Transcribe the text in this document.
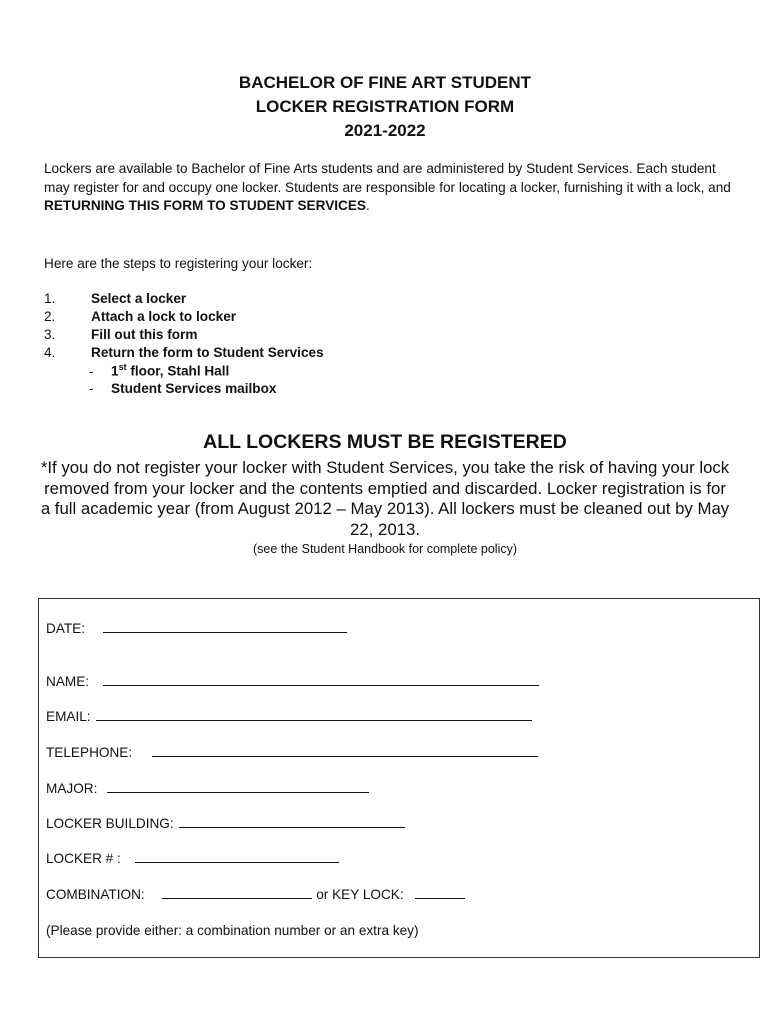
BACHELOR OF FINE ART STUDENT
LOCKER REGISTRATION FORM
2021-2022
Lockers are available to Bachelor of Fine Arts students and are administered by Student Services. Each student may register for and occupy one locker. Students are responsible for locating a locker, furnishing it with a lock, and RETURNING THIS FORM TO STUDENT SERVICES.
Here are the steps to registering your locker:
1.	Select a locker
2.	Attach a lock to locker
3.	Fill out this form
4.	Return the form to Student Services
- 1st floor, Stahl Hall
- Student Services mailbox
ALL LOCKERS MUST BE REGISTERED
*If you do not register your locker with Student Services, you take the risk of having your lock removed from your locker and the contents emptied and discarded. Locker registration is for a full academic year (from August 2012 – May 2013). All lockers must be cleaned out by May 22, 2013.
(see the Student Handbook for complete policy)
DATE:
NAME:
EMAIL:
TELEPHONE:
MAJOR:
LOCKER BUILDING:
LOCKER # :
COMBINATION:	or KEY LOCK:
(Please provide either: a combination number or an extra key)
